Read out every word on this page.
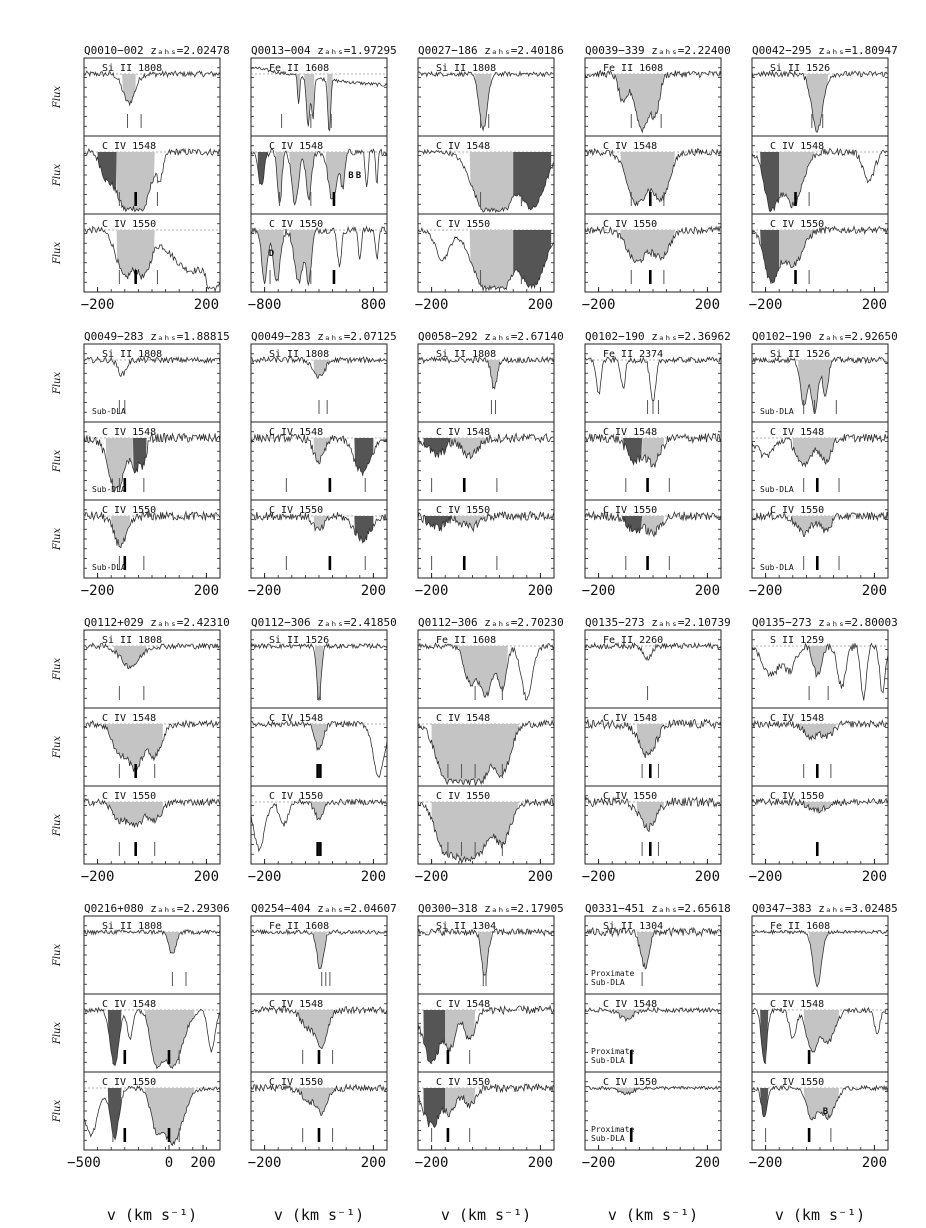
Q0010−002 zₐₕₛ=2.02478
Si II 1808
Flux
C IV 1548
Flux
C IV 1550
Flux
−200	200
Q0013−004 zₐₕₛ=1.97295
Fe II 1608
B B
C IV 1548
D
C IV 1550
−800	800
Q0027−186 zₐₕₛ=2.40186
Si II 1808
C IV 1548
C IV 1550
−200	200
Q0039−339 zₐₕₛ=2.22400
Fe II 1608
C IV 1548
C IV 1550
−200	200
Q0042−295 zₐₕₛ=1.80947
Si II 1526
C IV 1548
C IV 1550
−200	200
Q0049−283 zₐₕₛ=1.88815
Si II 1808
Sub-DLA
Flux
C IV 1548
Sub-DLA
Flux
C IV 1550
Sub-DLA
Flux
−200	200
Q0049−283 zₐₕₛ=2.07125
Si II 1808
C IV 1548
C IV 1550
−200	200
Q0058−292 zₐₕₛ=2.67140
Si II 1808
C IV 1548
C IV 1550
−200	200
Q0102−190 zₐₕₛ=2.36962
Fe II 2374
C IV 1548
C IV 1550
−200	200
Q0102−190 zₐₕₛ=2.92650
Si II 1526
Sub-DLA
C IV 1548
Sub-DLA
C IV 1550
Sub-DLA
−200	200
Q0112+029 zₐₕₛ=2.42310
Si II 1808
Flux
C IV 1548
Flux
C IV 1550
Flux
−200	200
Q0112−306 zₐₕₛ=2.41850
Si II 1526
C IV 1548
C IV 1550
−200	200
Q0112−306 zₐₕₛ=2.70230
Fe II 1608
C IV 1548
C IV 1550
−200	200
Q0135−273 zₐₕₛ=2.10739
Fe II 2260
C IV 1548
C IV 1550
−200	200
Q0135−273 zₐₕₛ=2.80003
S II 1259
C IV 1548
C IV 1550
−200	200
Q0216+080 zₐₕₛ=2.29306
Si II 1808
Flux
C IV 1548
Flux
C IV 1550
Flux
−500	0 200
Q0254−404 zₐₕₛ=2.04607
Fe II 1608
C IV 1548
C IV 1550
−200	200
Q0300−318 zₐₕₛ=2.17905
Si II 1304
C IV 1548
C IV 1550
−200	200
Q0331−451 zₐₕₛ=2.65618
Si II 1304
Proximate
Sub-DLA
C IV 1548
Proximate
Sub-DLA
C IV 1550
Proximate
Sub-DLA
−200	200
Q0347−383 zₐₕₛ=3.02485
Fe II 1608
C IV 1548
B
C IV 1550
−200	200
v (km s⁻¹)	v (km s⁻¹)	v (km s⁻¹)	v (km s⁻¹)	v (km s⁻¹)
